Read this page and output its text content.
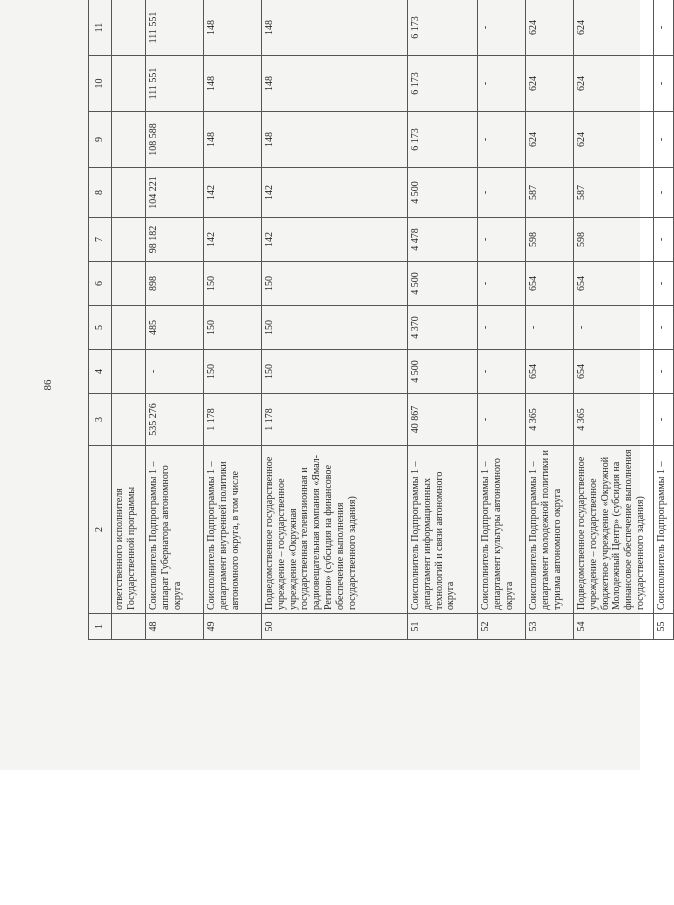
86
1	2	3	4	5	6	7	8	9	10	11
	ответственного исполнителя Государственной программы									
48	Соисполнитель Подпрограммы 1 – аппарат Губернатора автономного округа	535 276	-	485	898	98 182	104 221	108 588	111 551	111 551
49	Соисполнитель Подпрограммы 1 – департамент внутренней политики автономного округа, в том числе	1 178	150	150	150	142	142	148	148	148
50	Подведомственное государственное учреждение – государственное учреждение «Окружная государственная телевизионная и радиовещательная компания «Ямал-Регион» (субсидия на финансовое обеспечение выполнения государственного задания)	1 178	150	150	150	142	142	148	148	148
51	Соисполнитель Подпрограммы 1 – департамент информационных технологий и связи автономного округа	40 867	4 500	4 370	4 500	4 478	4 500	6 173	6 173	6 173
52	Соисполнитель Подпрограммы 1 – департамент культуры автономного округа	-	-	-	-	-	-	-	-	-
53	Соисполнитель Подпрограммы 1 – департамент молодежной политики и туризма автономного округа	4 365	654	-	654	598	587	624	624	624
54	Подведомственное государственное учреждение – государственное бюджетное учреждение «Окружной Молодежный Центр» (субсидия на финансовое обеспечение выполнения государственного задания)	4 365	654	-	654	598	587	624	624	624
55	Соисполнитель Подпрограммы 1 –	-	-	-	-	-	-	-	-	-
